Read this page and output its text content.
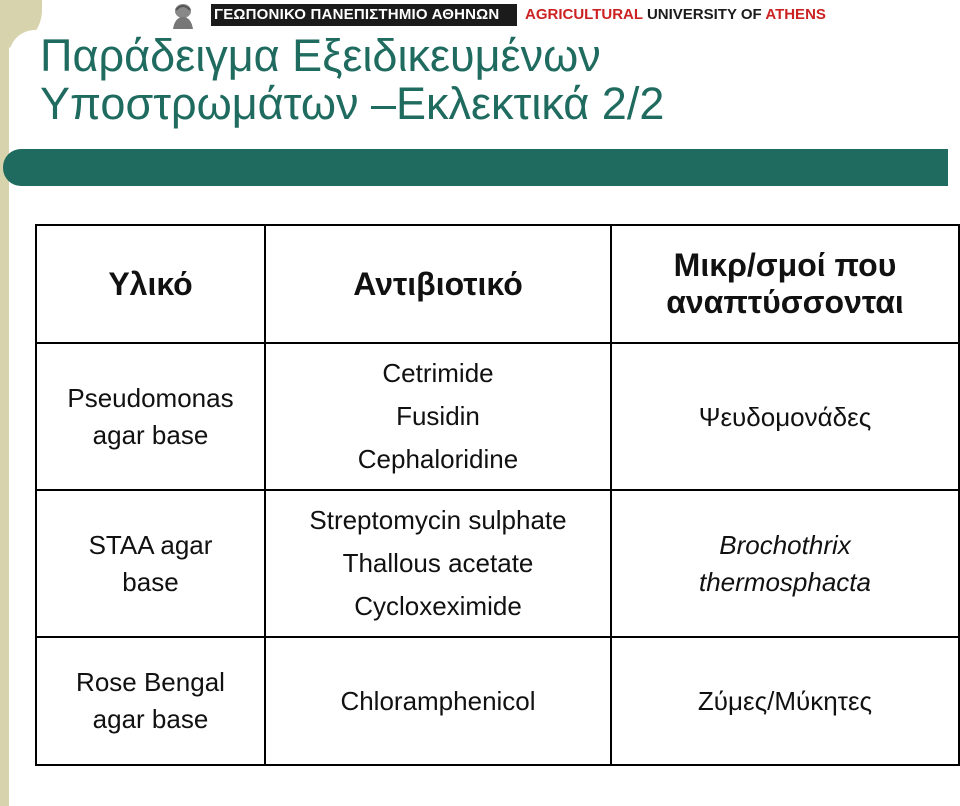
ΓΕΩΠΟΝΙΚΟ ΠΑΝΕΠΙΣΤΗΜΙΟ ΑΘΗΝΩΝ	AGRICULTURAL UNIVERSITY OF ATHENS
Παράδειγμα Εξειδικευμένων
Υποστρωμάτων –Εκλεκτικά 2/2
Υλικό	Αντιβιοτικό	Μικρ/σμοί που
αναπτύσσονται

Pseudomonas
agar base	Cetrimide
Fusidin
Cephaloridine	Ψευδομονάδες

STAA agar
base	Streptomycin sulphate
Thallous acetate
Cycloxeximide	Brochothrix
thermosphacta

Rose Bengal
agar base	Chloramphenicol	Ζύμες/Μύκητες
